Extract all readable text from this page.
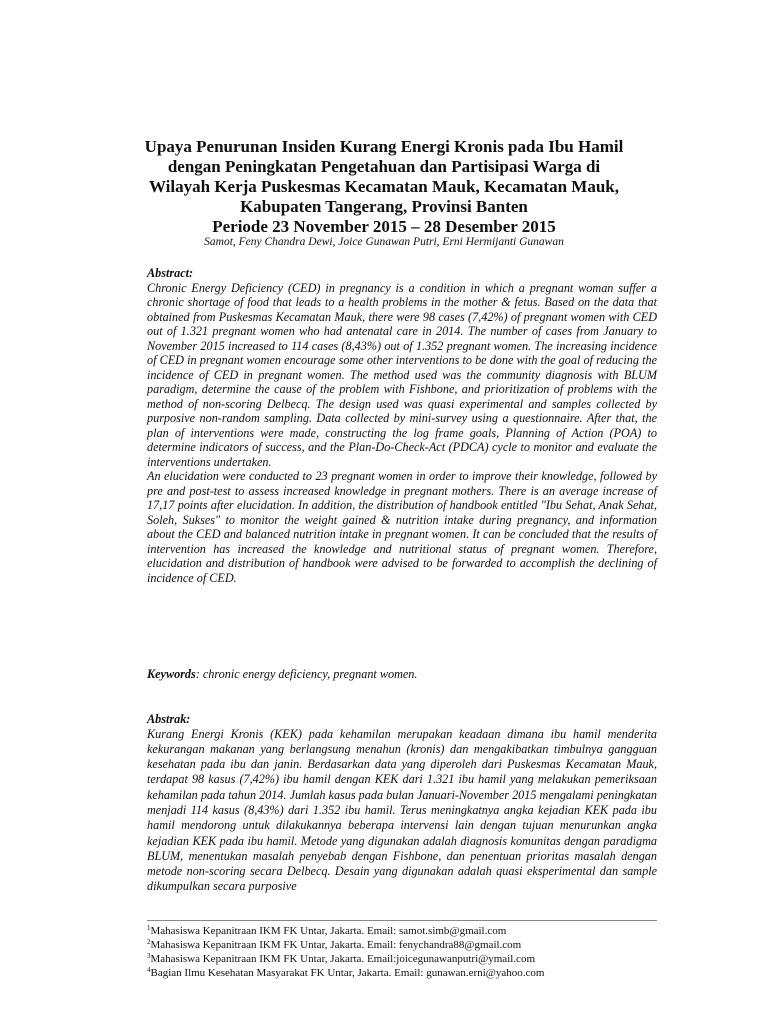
Upaya Penurunan Insiden Kurang Energi Kronis pada Ibu Hamil
dengan Peningkatan Pengetahuan dan Partisipasi Warga di
Wilayah Kerja Puskesmas Kecamatan Mauk, Kecamatan Mauk,
Kabupaten Tangerang, Provinsi Banten
Periode 23 November 2015 – 28 Desember 2015
Samot, Feny Chandra Dewi, Joice Gunawan Putri, Erni Hermijanti Gunawan
Abstract:

Chronic Energy Deficiency (CED) in pregnancy is a condition in which a pregnant woman suffer a chronic shortage of food that leads to a health problems in the mother & fetus. Based on the data that obtained from Puskesmas Kecamatan Mauk, there were 98 cases (7,42%) of pregnant women with CED out of 1.321 pregnant women who had antenatal care in 2014. The number of cases from January to November 2015 increased to 114 cases (8,43%) out of 1.352 pregnant women. The increasing incidence of CED in pregnant women encourage some other interventions to be done with the goal of reducing the incidence of CED in pregnant women. The method used was the community diagnosis with BLUM paradigm, determine the cause of the problem with Fishbone, and prioritization of problems with the method of non-scoring Delbecq. The design used was quasi experimental and samples collected by purposive non-random sampling. Data collected by mini-survey using a questionnaire. After that, the plan of interventions were made, constructing the log frame goals, Planning of Action (POA) to determine indicators of success, and the Plan-Do-Check-Act (PDCA) cycle to monitor and evaluate the interventions undertaken.

An elucidation were conducted to 23 pregnant women in order to improve their knowledge, followed by pre and post-test to assess increased knowledge in pregnant mothers. There is an average increase of 17,17 points after elucidation. In addition, the distribution of handbook entitled "Ibu Sehat, Anak Sehat, Soleh, Sukses" to monitor the weight gained & nutrition intake during pregnancy, and information about the CED and balanced nutrition intake in pregnant women. It can be concluded that the results of intervention has increased the knowledge and nutritional status of pregnant women. Therefore, elucidation and distribution of handbook were advised to be forwarded to accomplish the declining of incidence of CED.

Keywords: chronic energy deficiency, pregnant women.
Abstrak:

Kurang Energi Kronis (KEK) pada kehamilan merupakan keadaan dimana ibu hamil menderita kekurangan makanan yang berlangsung menahun (kronis) dan mengakibatkan timbulnya gangguan kesehatan pada ibu dan janin. Berdasarkan data yang diperoleh dari Puskesmas Kecamatan Mauk, terdapat 98 kasus (7,42%) ibu hamil dengan KEK dari 1.321 ibu hamil yang melakukan pemeriksaan kehamilan pada tahun 2014. Jumlah kasus pada bulan Januari-November 2015 mengalami peningkatan menjadi 114 kasus (8,43%) dari 1.352 ibu hamil. Terus meningkatnya angka kejadian KEK pada ibu hamil mendorong untuk dilakukannya beberapa intervensi lain dengan tujuan menurunkan angka kejadian KEK pada ibu hamil. Metode yang digunakan adalah diagnosis komunitas dengan paradigma BLUM, menentukan masalah penyebab dengan Fishbone, dan penentuan prioritas masalah dengan metode non-scoring secara Delbecq. Desain yang digunakan adalah quasi eksperimental dan sample dikumpulkan secara purposive

$^1$Mahasiswa Kepanitraan IKM FK Untar, Jakarta. Email: samot.simb@gmail.com
$^2$Mahasiswa Kepanitraan IKM FK Untar, Jakarta. Email: fenychandra88@gmail.com
$^3$Mahasiswa Kepanitraan IKM FK Untar, Jakarta. Email:joicegunawanputri@ymail.com
$^4$Bagian Ilmu Kesehatan Masyarakat FK Untar, Jakarta. Email: gunawan.erni@yahoo.com
